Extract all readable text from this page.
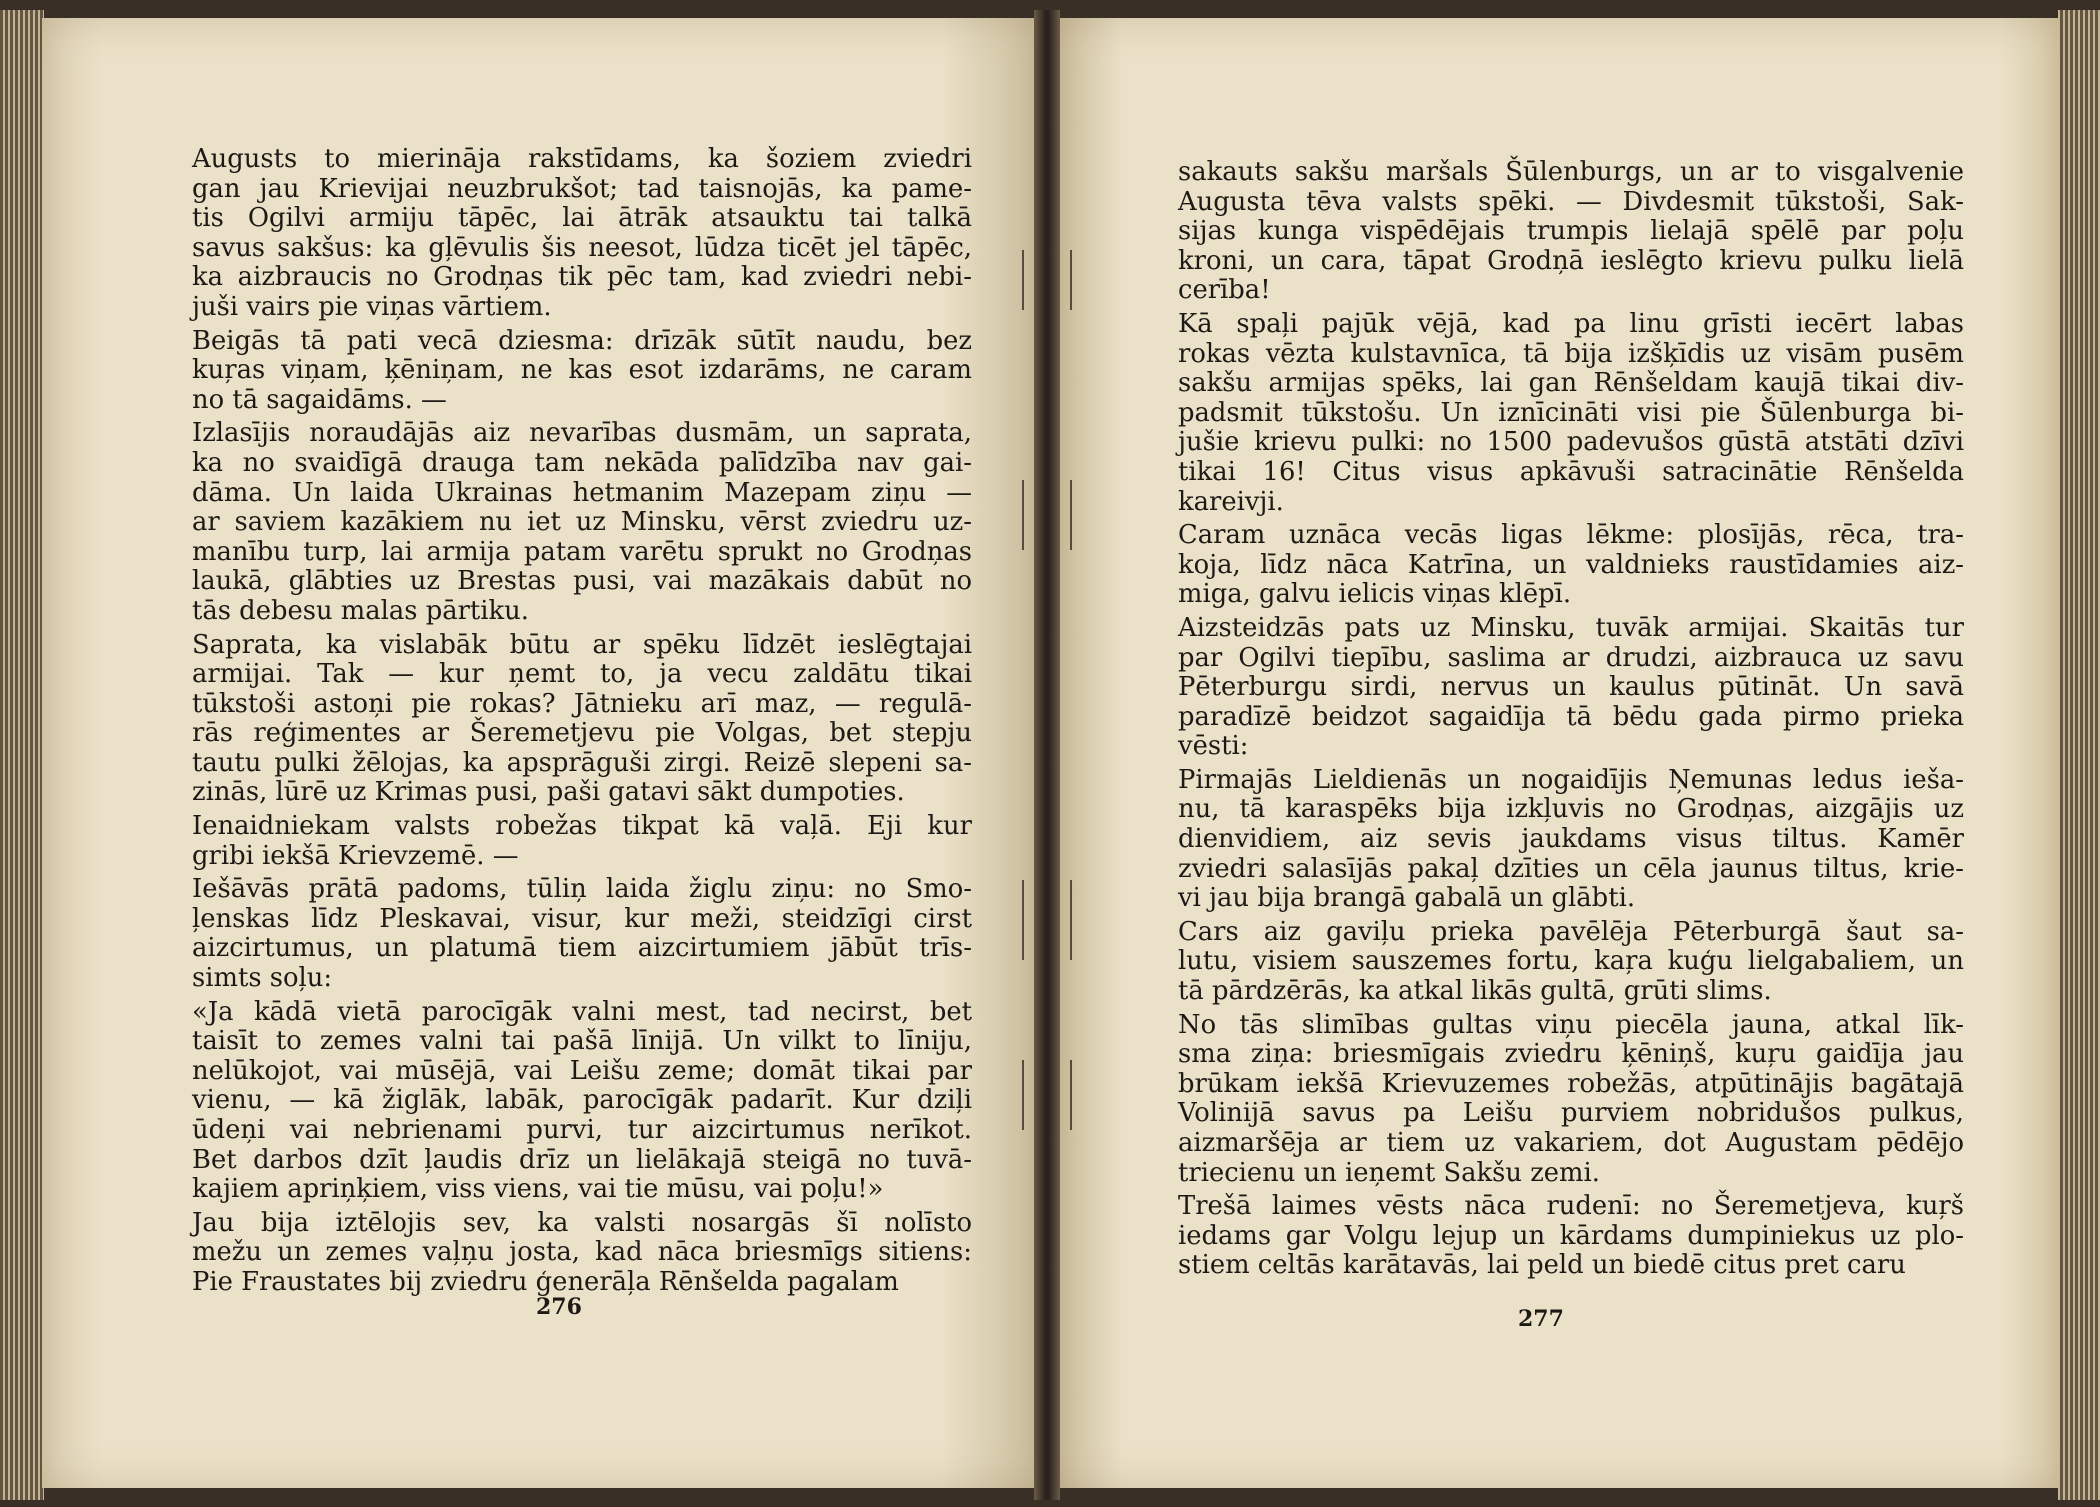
Augusts to mierināja rakstīdams, ka šoziem zviedri
gan jau Krievijai neuzbrukšot; tad taisnojās, ka pame-
tis Ogilvi armiju tāpēc, lai ātrāk atsauktu tai talkā
savus sakšus: ka gļēvulis šis neesot, lūdza ticēt jel tāpēc,
ka aizbraucis no Grodņas tik pēc tam, kad zviedri nebi-
juši vairs pie viņas vārtiem.
Beigās tā pati vecā dziesma: drīzāk sūtīt naudu, bez
kuŗas viņam, ķēniņam, ne kas esot izdarāms, ne caram
no tā sagaidāms. —
Izlasījis noraudājās aiz nevarības dusmām, un saprata,
ka no svaidīgā drauga tam nekāda palīdzība nav gai-
dāma. Un laida Ukrainas hetmanim Mazepam ziņu —
ar saviem kazākiem nu iet uz Minsku, vērst zviedru uz-
manību turp, lai armija patam varētu sprukt no Grodņas
laukā, glābties uz Brestas pusi, vai mazākais dabūt no
tās debesu malas pārtiku.
Saprata, ka vislabāk būtu ar spēku līdzēt ieslēgtajai
armijai. Tak — kur ņemt to, ja vecu zaldātu tikai
tūkstoši astoņi pie rokas? Jātnieku arī maz, — regulā-
rās reģimentes ar Šeremetjevu pie Volgas, bet stepju
tautu pulki žēlojas, ka apsprāguši zirgi. Reizē slepeni sa-
zinās, lūrē uz Krimas pusi, paši gatavi sākt dumpoties.
Ienaidniekam valsts robežas tikpat kā vaļā. Eji kur
gribi iekšā Krievzemē. —
Iešāvās prātā padoms, tūliņ laida žiglu ziņu: no Smo-
ļenskas līdz Pleskavai, visur, kur meži, steidzīgi cirst
aizcirtumus, un platumā tiem aizcirtumiem jābūt trīs-
simts soļu:
«Ja kādā vietā parocīgāk valni mest, tad necirst, bet
taisīt to zemes valni tai pašā līnijā. Un vilkt to līniju,
nelūkojot, vai mūsējā, vai Leišu zeme; domāt tikai par
vienu, — kā žiglāk, labāk, parocīgāk padarīt. Kur dziļi
ūdeņi vai nebrienami purvi, tur aizcirtumus nerīkot.
Bet darbos dzīt ļaudis drīz un lielākajā steigā no tuvā-
kajiem apriņķiem, viss viens, vai tie mūsu, vai poļu!»
Jau bija iztēlojis sev, ka valsti nosargās šī nolīsto
mežu un zemes vaļņu josta, kad nāca briesmīgs sitiens:
Pie Fraustates bij zviedru ģenerāļa Rēnšelda pagalam
276
sakauts sakšu maršals Šūlenburgs, un ar to visgalvenie
Augusta tēva valsts spēki. — Divdesmit tūkstoši, Sak-
sijas kunga vispēdējais trumpis lielajā spēlē par poļu
kroni, un cara, tāpat Grodņā ieslēgto krievu pulku lielā
cerība!
Kā spaļi pajūk vējā, kad pa linu grīsti iecērt labas
rokas vēzta kulstavnīca, tā bija izšķīdis uz visām pusēm
sakšu armijas spēks, lai gan Rēnšeldam kaujā tikai div-
padsmit tūkstošu. Un iznīcināti visi pie Šūlenburga bi-
jušie krievu pulki: no 1500 padevušos gūstā atstāti dzīvi
tikai 16! Citus visus apkāvuši satracinātie Rēnšelda
kareivji.
Caram uznāca vecās ligas lēkme: plosījās, rēca, tra-
koja, līdz nāca Katrīna, un valdnieks raustīdamies aiz-
miga, galvu ielicis viņas klēpī.
Aizsteidzās pats uz Minsku, tuvāk armijai. Skaitās tur
par Ogilvi tiepību, saslima ar drudzi, aizbrauca uz savu
Pēterburgu sirdi, nervus un kaulus pūtināt. Un savā
paradīzē beidzot sagaidīja tā bēdu gada pirmo prieka
vēsti:
Pirmajās Lieldienās un nogaidījis Ņemunas ledus ieša-
nu, tā karaspēks bija izkļuvis no Grodņas, aizgājis uz
dienvidiem, aiz sevis jaukdams visus tiltus. Kamēr
zviedri salasījās pakaļ dzīties un cēla jaunus tiltus, krie-
vi jau bija brangā gabalā un glābti.
Cars aiz gaviļu prieka pavēlēja Pēterburgā šaut sa-
lutu, visiem sauszemes fortu, kaŗa kuģu lielgabaliem, un
tā pārdzērās, ka atkal likās gultā, grūti slims.
No tās slimības gultas viņu piecēla jauna, atkal līk-
sma ziņa: briesmīgais zviedru ķēniņš, kuŗu gaidīja jau
brūkam iekšā Krievuzemes robežās, atpūtinājis bagātajā
Volinijā savus pa Leišu purviem nobridušos pulkus,
aizmaršēja ar tiem uz vakariem, dot Augustam pēdējo
triecienu un ieņemt Sakšu zemi.
Trešā laimes vēsts nāca rudenī: no Šeremetjeva, kuŗš
iedams gar Volgu lejup un kārdams dumpiniekus uz plo-
stiem celtās karātavās, lai peld un biedē citus pret caru
277
